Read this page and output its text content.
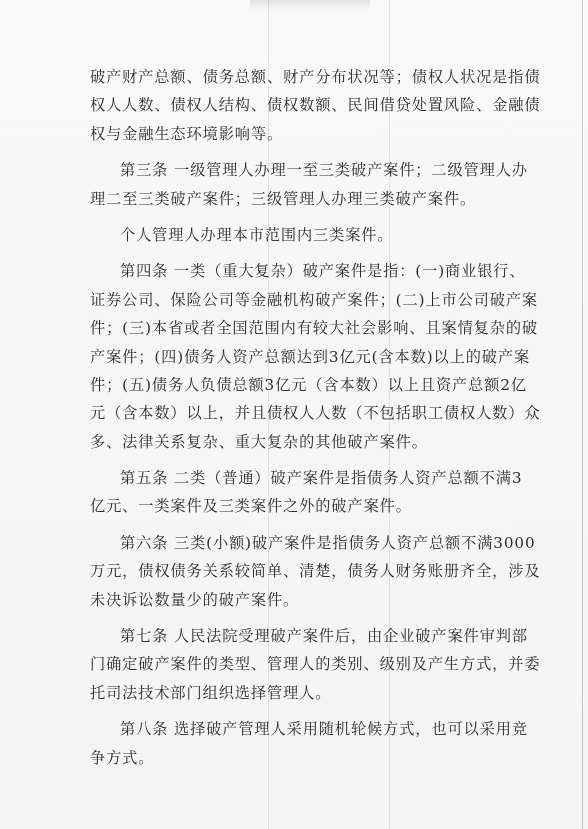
破产财产总额、债务总额、财产分布状况等；债权人状况是指债
权人人数、债权人结构、债权数额、民间借贷处置风险、金融债
权与金融生态环境影响等。
第三条 一级管理人办理一至三类破产案件；二级管理人办
理二至三类破产案件；三级管理人办理三类破产案件。
个人管理人办理本市范围内三类案件。
第四条 一类（重大复杂）破产案件是指：(一)商业银行、
证券公司、保险公司等金融机构破产案件；(二)上市公司破产案
件；(三)本省或者全国范围内有较大社会影响、且案情复杂的破
产案件；(四)债务人资产总额达到3亿元(含本数)以上的破产案
件；(五)债务人负债总额3亿元（含本数）以上且资产总额2亿
元（含本数）以上，并且债权人人数（不包括职工债权人数）众
多、法律关系复杂、重大复杂的其他破产案件。
第五条 二类（普通）破产案件是指债务人资产总额不满3
亿元、一类案件及三类案件之外的破产案件。
第六条 三类(小额)破产案件是指债务人资产总额不满3000
万元，债权债务关系较简单、清楚，债务人财务账册齐全，涉及
未决诉讼数量少的破产案件。
第七条 人民法院受理破产案件后，由企业破产案件审判部
门确定破产案件的类型、管理人的类别、级别及产生方式，并委
托司法技术部门组织选择管理人。
第八条 选择破产管理人采用随机轮候方式，也可以采用竞
争方式。
